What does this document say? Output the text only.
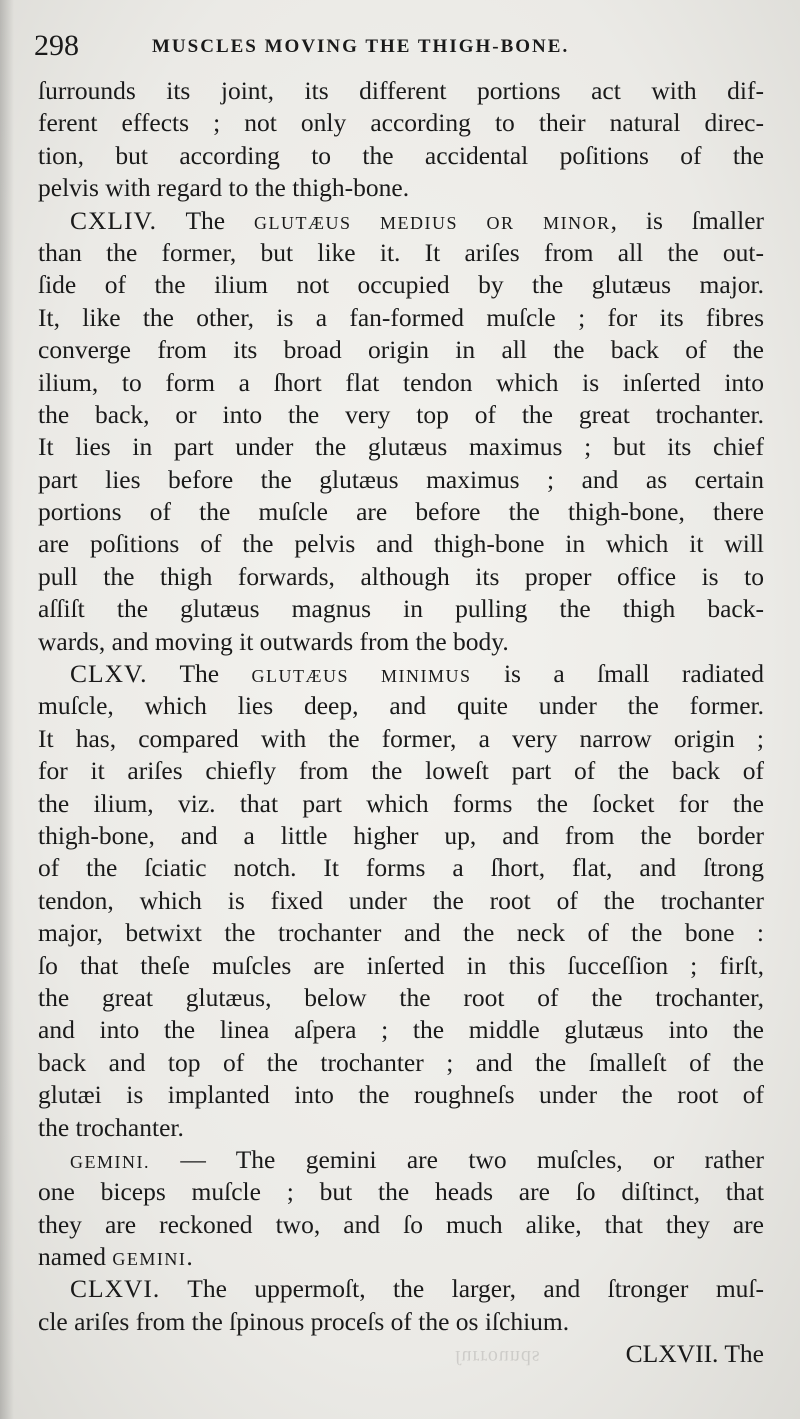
298	MUSCLES MOVING THE THIGH-BONE.
ſurrounds its joint, its different portions act with dif-
ferent effects ; not only according to their natural direc-
tion, but according to the accidental poſitions of the
pelvis with regard to the thigh-bone.
CXLIV. The GLUTÆUS MEDIUS OR MINOR, is ſmaller
than the former, but like it. It ariſes from all the out-
ſide of the ilium not occupied by the glutæus major.
It, like the other, is a fan-formed muſcle ; for its fibres
converge from its broad origin in all the back of the
ilium, to form a ſhort flat tendon which is inſerted into
the back, or into the very top of the great trochanter.
It lies in part under the glutæus maximus ; but its chief
part lies before the glutæus maximus ; and as certain
portions of the muſcle are before the thigh-bone, there
are poſitions of the pelvis and thigh-bone in which it will
pull the thigh forwards, although its proper office is to
aſſiſt the glutæus magnus in pulling the thigh back-
wards, and moving it outwards from the body.
CLXV. The GLUTÆUS MINIMUS is a ſmall radiated
muſcle, which lies deep, and quite under the former.
It has, compared with the former, a very narrow origin ;
for it ariſes chiefly from the loweſt part of the back of
the ilium, viz. that part which forms the ſocket for the
thigh-bone, and a little higher up, and from the border
of the ſciatic notch. It forms a ſhort, flat, and ſtrong
tendon, which is fixed under the root of the trochanter
major, betwixt the trochanter and the neck of the bone :
ſo that theſe muſcles are inſerted in this ſucceſſion ; firſt,
the great glutæus, below the root of the trochanter,
and into the linea aſpera ; the middle glutæus into the
back and top of the trochanter ; and the ſmalleſt of the
glutæi is implanted into the roughneſs under the root of
the trochanter.
GEMINI. — The gemini are two muſcles, or rather
one biceps muſcle ; but the heads are ſo diſtinct, that
they are reckoned two, and ſo much alike, that they are
named GEMINI.
CLXVI. The uppermoſt, the larger, and ſtronger muſ-
cle ariſes from the ſpinous proceſs of the os iſchium.
CLXVII. The
ſurrounds
